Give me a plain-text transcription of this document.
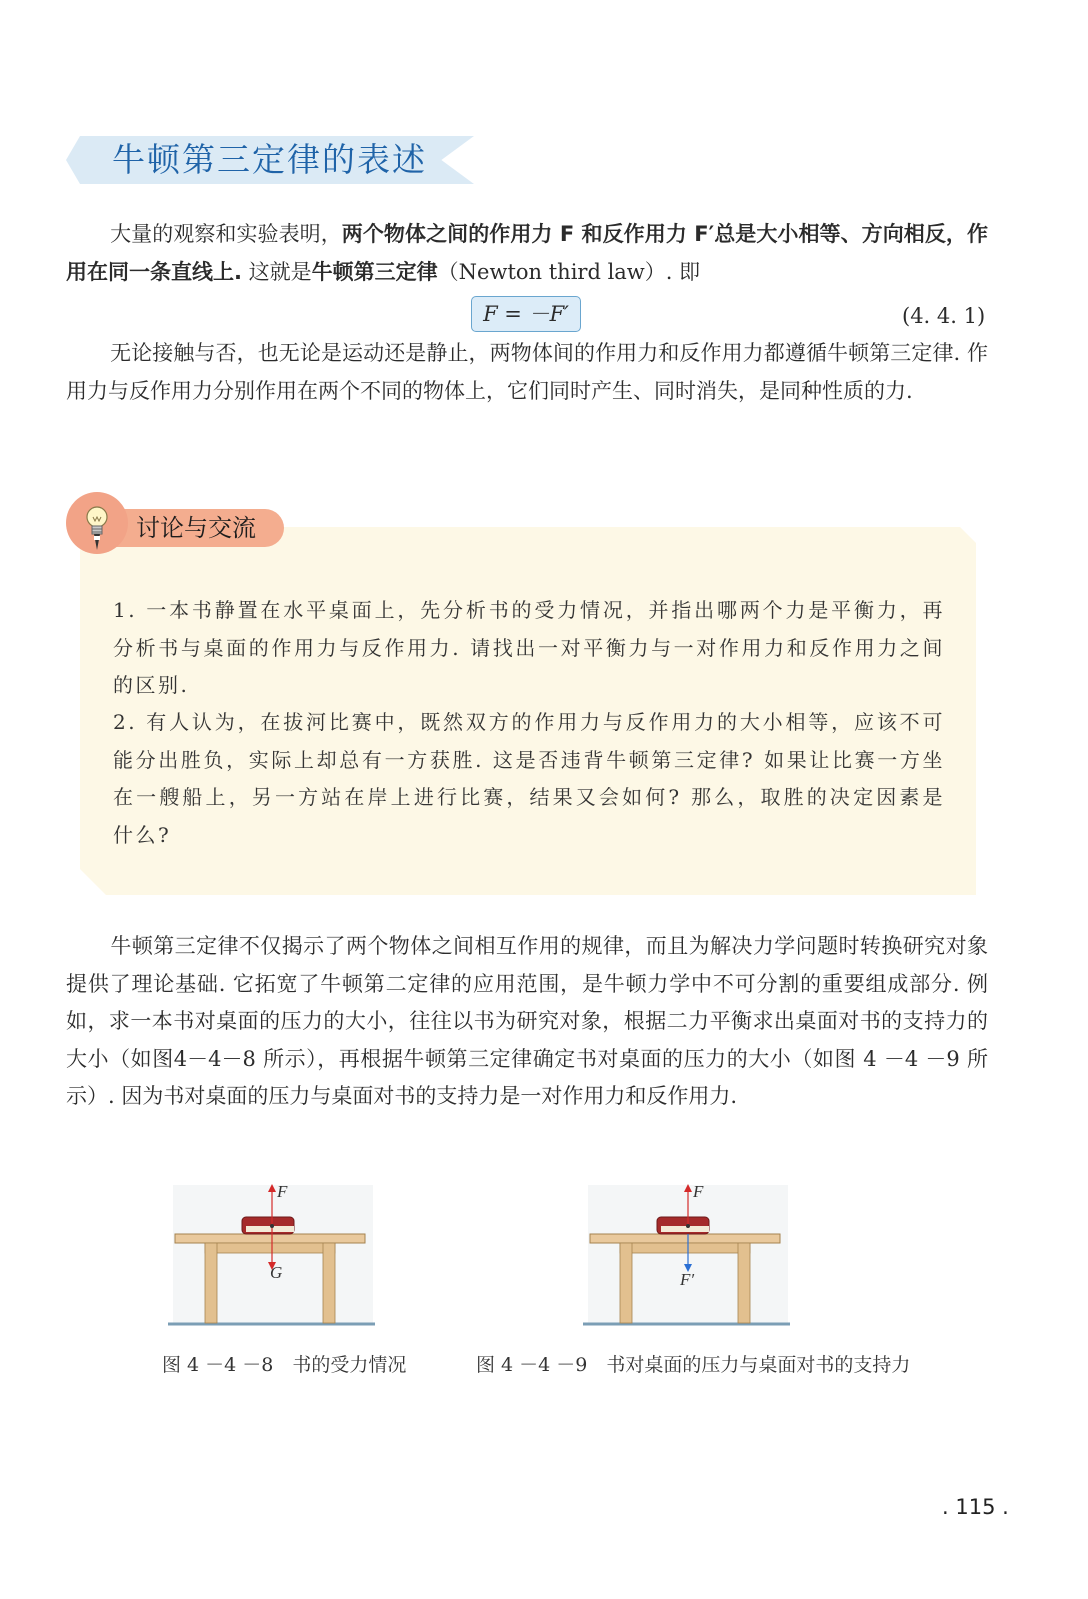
牛顿第三定律的表述

大量的观察和实验表明，两个物体之间的作用力 F 和反作用力 F′总是大小相等、方向相反，作用在同一条直线上. 这就是牛顿第三定律（Newton third law）. 即

F = －F′	(4. 4. 1)

无论接触与否，也无论是运动还是静止，两物体间的作用力和反作用力都遵循牛顿第三定律. 作用力与反作用力分别作用在两个不同的物体上，它们同时产生、同时消失，是同种性质的力.

讨论与交流

1. 一本书静置在水平桌面上，先分析书的受力情况，并指出哪两个力是平衡力，再分析书与桌面的作用力与反作用力. 请找出一对平衡力与一对作用力和反作用力之间的区别.

2. 有人认为，在拔河比赛中，既然双方的作用力与反作用力的大小相等，应该不可能分出胜负，实际上却总有一方获胜. 这是否违背牛顿第三定律? 如果让比赛一方坐在一艘船上，另一方站在岸上进行比赛，结果又会如何? 那么，取胜的决定因素是什么?

牛顿第三定律不仅揭示了两个物体之间相互作用的规律，而且为解决力学问题时转换研究对象提供了理论基础. 它拓宽了牛顿第二定律的应用范围，是牛顿力学中不可分割的重要组成部分. 例如，求一本书对桌面的压力的大小，往往以书为研究对象，根据二力平衡求出桌面对书的支持力的大小（如图4－4－8 所示），再根据牛顿第三定律确定书对桌面的压力的大小（如图 4 －4 －9 所示）. 因为书对桌面的压力与桌面对书的支持力是一对作用力和反作用力.

F
G
F
F′
图 4 －4 －8　书的受力情况	图 4 －4 －9　书对桌面的压力与桌面对书的支持力
. 115 .
